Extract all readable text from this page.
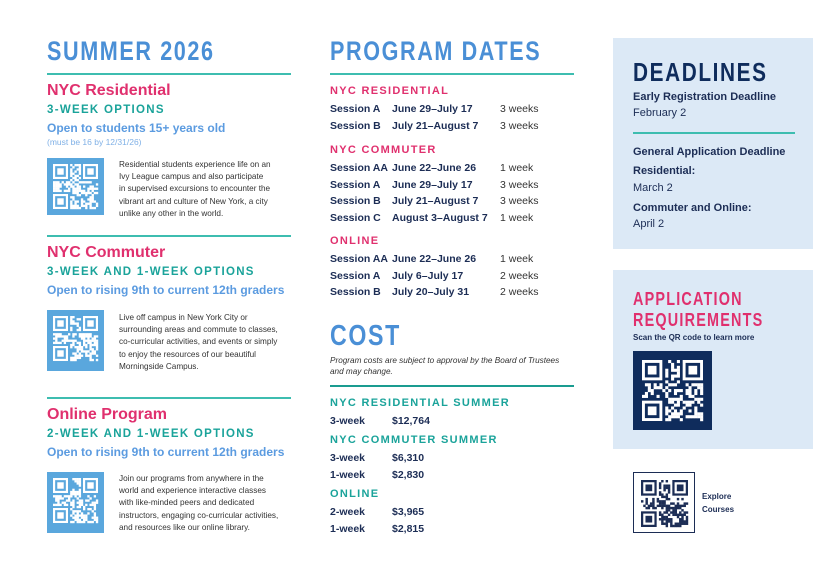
SUMMER 2026
NYC Residential
3-WEEK OPTIONS
Open to students 15+ years old
(must be 16 by 12/31/26)
Residential students experience life on an
Ivy League campus and also participate
in supervised excursions to encounter the
vibrant art and culture of New York, a city
unlike any other in the world.
NYC Commuter
3-WEEK AND 1-WEEK OPTIONS
Open to rising 9th to current 12th graders
Live off campus in New York City or
surrounding areas and commute to classes,
co-curricular activities, and events or simply
to enjoy the resources of our beautiful
Morningside Campus.
Online Program
2-WEEK AND 1-WEEK OPTIONS
Open to rising 9th to current 12th graders
Join our programs from anywhere in the
world and experience interactive classes
with like-minded peers and dedicated
instructors, engaging co-curricular activities,
and resources like our online library.
PROGRAM DATES
NYC RESIDENTIAL
Session A June 29–July 17	3 weeks
Session B July 21–August 7 3 weeks
NYC COMMUTER
Session AA June 22–June 26 1 week
Session A June 29–July 17	3 weeks
Session B July 21–August 7 3 weeks
Session C August 3–August 7 1 week
ONLINE
Session AA June 22–June 26 1 week
Session A July 6–July 17	2 weeks
Session B July 20–July 31	2 weeks
COST
Program costs are subject to approval by the Board of Trustees
and may change.
NYC RESIDENTIAL SUMMER
3-week	$12,764
NYC COMMUTER SUMMER
3-week	$6,310
1-week	$2,830
ONLINE
2-week	$3,965
1-week	$2,815
DEADLINES
Early Registration Deadline
February 2
General Application Deadline
Residential:
March 2
Commuter and Online:
April 2
APPLICATION
REQUIREMENTS
Scan the QR code to learn more
Explore
Courses
